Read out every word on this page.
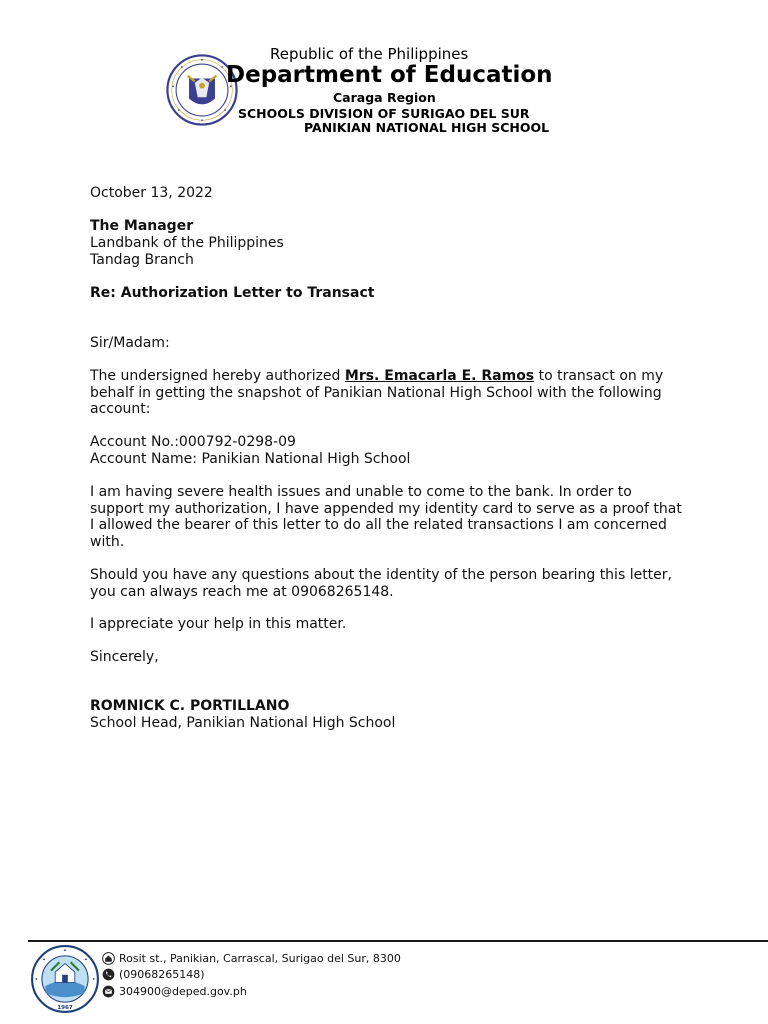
Republic of the Philippines
Department of Education
Caraga Region
SCHOOLS DIVISION OF SURIGAO DEL SUR
PANIKIAN NATIONAL HIGH SCHOOL
October 13, 2022
The Manager
Landbank of the Philippines
Tandag Branch
Re: Authorization Letter to Transact
Sir/Madam:
The undersigned hereby authorized Mrs. Emacarla E. Ramos to transact on my behalf in getting the snapshot of Panikian National High School with the following account:
Account No.:000792-0298-09
Account Name: Panikian National High School
I am having severe health issues and unable to come to the bank. In order to support my authorization, I have appended my identity card to serve as a proof that I allowed the bearer of this letter to do all the related transactions I am concerned with.
Should you have any questions about the identity of the person bearing this letter, you can always reach me at 09068265148.
I appreciate your help in this matter.
Sincerely,
ROMNICK C. PORTILLANO
School Head, Panikian National High School
1967
Rosit st., Panikian, Carrascal, Surigao del Sur, 8300
(09068265148)
304900@deped.gov.ph
